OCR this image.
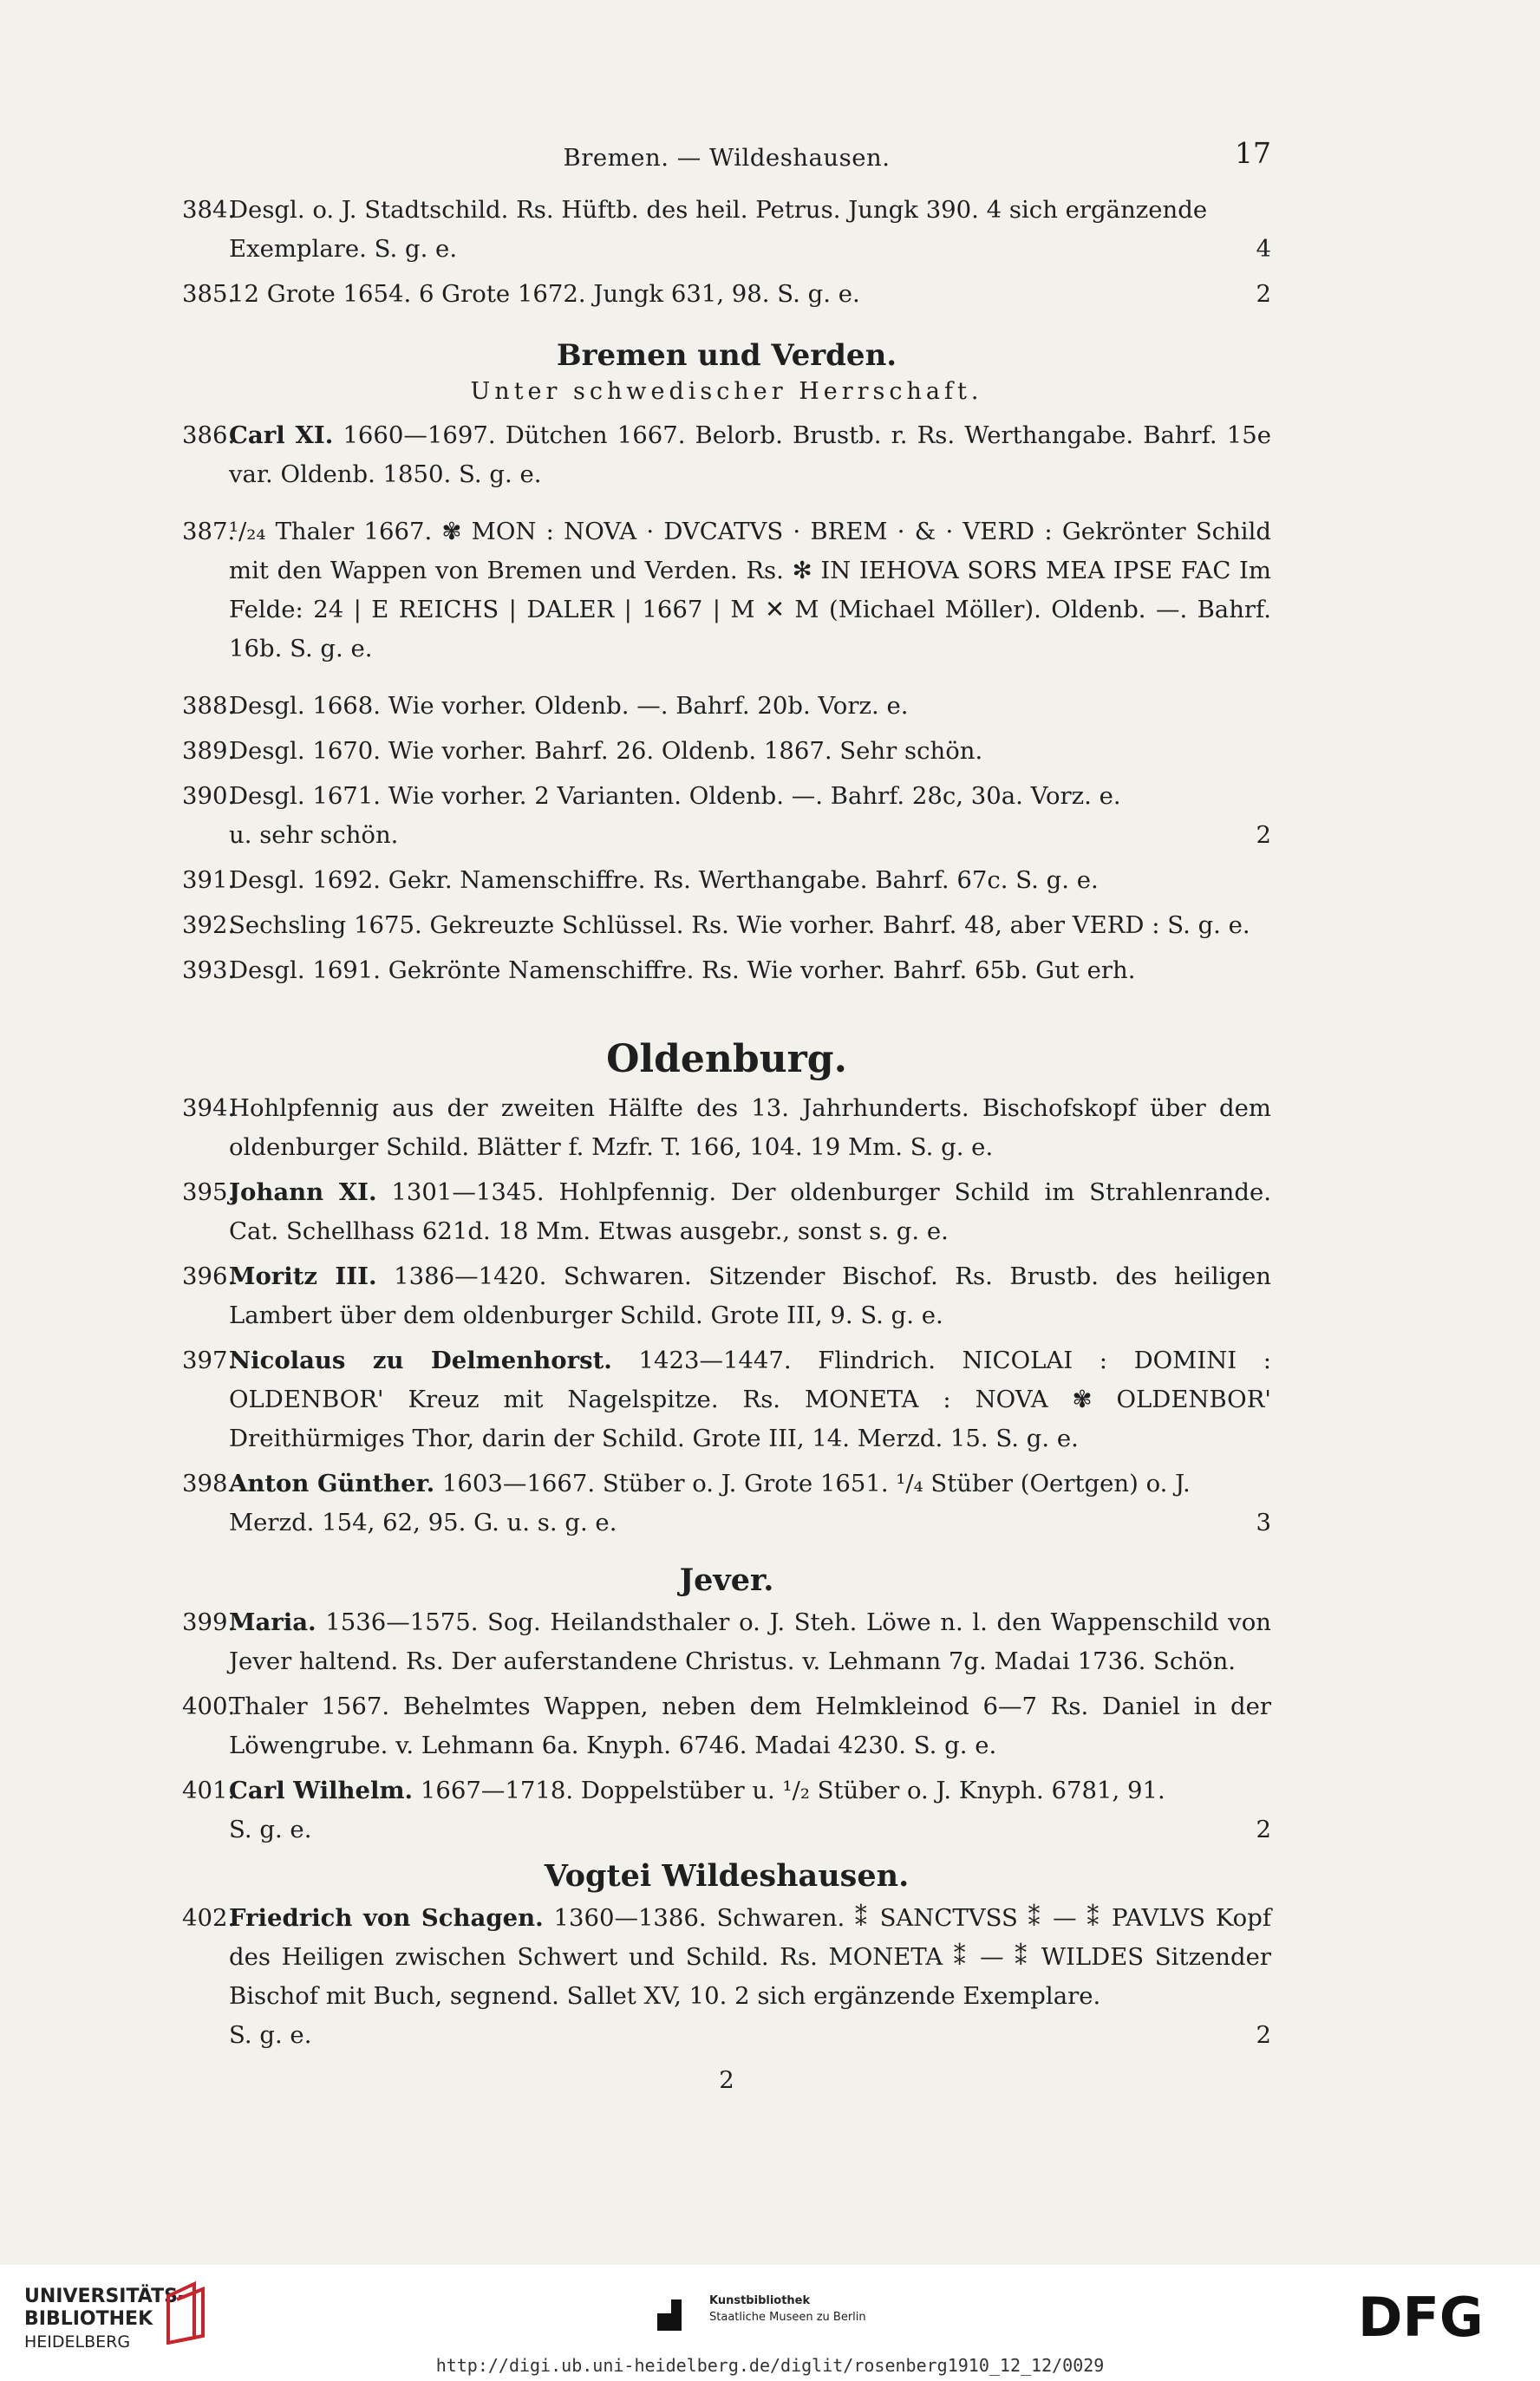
Bremen. — Wildeshausen.	17
384.
Desgl. o. J. Stadtschild. Rs. Hüftb. des heil. Petrus. Jungk 390. 4 sich ergänzende
Exemplare. S. g. e.	4
385.
12 Grote 1654. 6 Grote 1672. Jungk 631, 98. S. g. e.	2
Bremen und Verden.
Unter schwedischer Herrschaft.
386.
Carl XI. 1660—1697. Dütchen 1667. Belorb. Brustb. r. Rs. Werthangabe. Bahrf. 15e var. Oldenb. 1850. S. g. e.
387.
¹/₂₄ Thaler 1667. ✾ MON : NOVA · DVCATVS · BREM · & · VERD : Gekrönter Schild mit den Wappen von Bremen und Verden. Rs. ✻ IN IEHOVA SORS MEA IPSE FAC Im Felde: 24 | E REICHS | DALER | 1667 | M ✕ M (Michael Möller). Oldenb. —. Bahrf. 16b. S. g. e.
388.
Desgl. 1668. Wie vorher. Oldenb. —. Bahrf. 20b. Vorz. e.
389.
Desgl. 1670. Wie vorher. Bahrf. 26. Oldenb. 1867. Sehr schön.
390.
Desgl. 1671. Wie vorher. 2 Varianten. Oldenb. —. Bahrf. 28c, 30a. Vorz. e.
u. sehr schön.	2
391.
Desgl. 1692. Gekr. Namenschiffre. Rs. Werthangabe. Bahrf. 67c. S. g. e.
392.
Sechsling 1675. Gekreuzte Schlüssel. Rs. Wie vorher. Bahrf. 48, aber VERD : S. g. e.
393.
Desgl. 1691. Gekrönte Namenschiffre. Rs. Wie vorher. Bahrf. 65b. Gut erh.
Oldenburg.
394.
Hohlpfennig aus der zweiten Hälfte des 13. Jahrhunderts. Bischofskopf über dem oldenburger Schild. Blätter f. Mzfr. T. 166, 104. 19 Mm. S. g. e.
395.
Johann XI. 1301—1345. Hohlpfennig. Der oldenburger Schild im Strahlenrande. Cat. Schellhass 621d. 18 Mm. Etwas ausgebr., sonst s. g. e.
396.
Moritz III. 1386—1420. Schwaren. Sitzender Bischof. Rs. Brustb. des heiligen Lambert über dem oldenburger Schild. Grote III, 9. S. g. e.
397.
Nicolaus zu Delmenhorst. 1423—1447. Flindrich. NICOLAI : DOMINI : OLDENBOR' Kreuz mit Nagelspitze. Rs. MONETA : NOVA ✾ OLDENBOR' Dreithürmiges Thor, darin der Schild. Grote III, 14. Merzd. 15. S. g. e.
398.
Anton Günther. 1603—1667. Stüber o. J. Grote 1651. ¹/₄ Stüber (Oertgen) o. J.
Merzd. 154, 62, 95. G. u. s. g. e.	3
Jever.
399.
Maria. 1536—1575. Sog. Heilandsthaler o. J. Steh. Löwe n. l. den Wappenschild von Jever haltend. Rs. Der auferstandene Christus. v. Lehmann 7g. Madai 1736. Schön.
400.
Thaler 1567. Behelmtes Wappen, neben dem Helmkleinod 6—7 Rs. Daniel in der Löwengrube. v. Lehmann 6a. Knyph. 6746. Madai 4230. S. g. e.
401.
Carl Wilhelm. 1667—1718. Doppelstüber u. ¹/₂ Stüber o. J. Knyph. 6781, 91.
S. g. e.	2
Vogtei Wildeshausen.
402.
Friedrich von Schagen. 1360—1386. Schwaren. ⁑ SANCTVSS ⁑ — ⁑ PAVLVS Kopf des Heiligen zwischen Schwert und Schild. Rs. MONETA ⁑ — ⁑ WILDES Sitzender Bischof mit Buch, segnend. Sallet XV, 10. 2 sich ergänzende Exemplare.
S. g. e.	2
2
UNIVERSITÄTS-
BIBLIOTHEK
HEIDELBERG
Kunstbibliothek
Staatliche Museen zu Berlin	DFG
http://digi.ub.uni-heidelberg.de/diglit/rosenberg1910_12_12/0029
